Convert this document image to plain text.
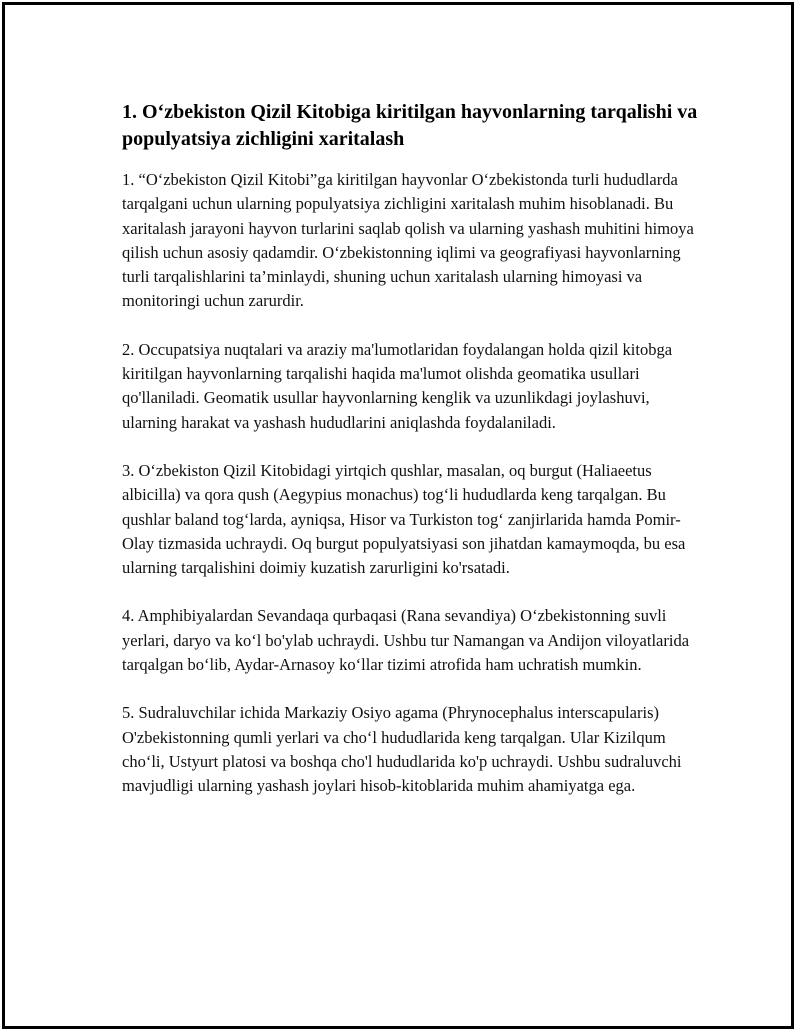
1. O‘zbekiston Qizil Kitobiga kiritilgan hayvonlarning tarqalishi va populyatsiya zichligini xaritalash

1. “O‘zbekiston Qizil Kitobi”ga kiritilgan hayvonlar O‘zbekistonda turli hududlarda tarqalgani uchun ularning populyatsiya zichligini xaritalash muhim hisoblanadi. Bu xaritalash jarayoni hayvon turlarini saqlab qolish va ularning yashash muhitini himoya qilish uchun asosiy qadamdir. O‘zbekistonning iqlimi va geografiyasi hayvonlarning turli tarqalishlarini ta’minlaydi, shuning uchun xaritalash ularning himoyasi va monitoringi uchun zarurdir.

2. Occupatsiya nuqtalari va araziy ma'lumotlaridan foydalangan holda qizil kitobga kiritilgan hayvonlarning tarqalishi haqida ma'lumot olishda geomatika usullari qo'llaniladi. Geomatik usullar hayvonlarning kenglik va uzunlikdagi joylashuvi, ularning harakat va yashash hududlarini aniqlashda foydalaniladi.

3. O‘zbekiston Qizil Kitobidagi yirtqich qushlar, masalan, oq burgut (Haliaeetus albicilla) va qora qush (Aegypius monachus) tog‘li hududlarda keng tarqalgan. Bu qushlar baland tog‘larda, ayniqsa, Hisor va Turkiston tog‘ zanjirlarida hamda Pomir-Olay tizmasida uchraydi. Oq burgut populyatsiyasi son jihatdan kamaymoqda, bu esa ularning tarqalishini doimiy kuzatish zarurligini ko'rsatadi.

4. Amphibiyalardan Sevandaqa qurbaqasi (Rana sevandiya) O‘zbekistonning suvli yerlari, daryo va ko‘l bo'ylab uchraydi. Ushbu tur Namangan va Andijon viloyatlarida tarqalgan bo‘lib, Aydar-Arnasoy ko‘llar tizimi atrofida ham uchratish mumkin.

5. Sudraluvchilar ichida Markaziy Osiyo agama (Phrynocephalus interscapularis) O'zbekistonning qumli yerlari va cho‘l hududlarida keng tarqalgan. Ular Kizilqum cho‘li, Ustyurt platosi va boshqa cho'l hududlarida ko'p uchraydi. Ushbu sudraluvchi mavjudligi ularning yashash joylari hisob-kitoblarida muhim ahamiyatga ega.
